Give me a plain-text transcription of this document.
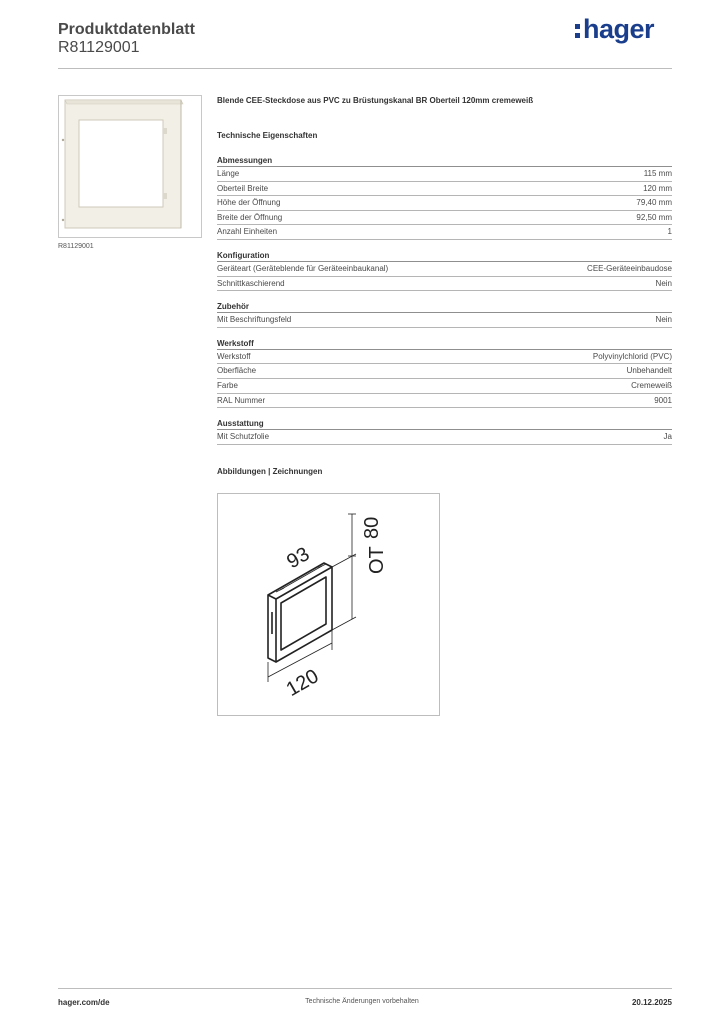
Produktdatenblatt
R81129001
hager
R81129001
Blende CEE-Steckdose aus PVC zu Brüstungskanal BR Oberteil 120mm cremeweiß
Technische Eigenschaften
Abmessungen
Länge	115 mm
Oberteil Breite	120 mm
Höhe der Öffnung	79,40 mm
Breite der Öffnung	92,50 mm
Anzahl Einheiten	1
Konfiguration
Geräteart (Geräteblende für Geräteeinbaukanal)	CEE-Geräteeinbaudose
Schnittkaschierend	Nein
Zubehör
Mit Beschriftungsfeld	Nein
Werkstoff
Werkstoff	Polyvinylchlorid (PVC)
Oberfläche	Unbehandelt
Farbe	Cremeweiß
RAL Nummer	9001
Ausstattung
Mit Schutzfolie	Ja
Abbildungen | Zeichnungen
93
80
OT
120
hager.com/de	Technische Änderungen vorbehalten	20.12.2025
